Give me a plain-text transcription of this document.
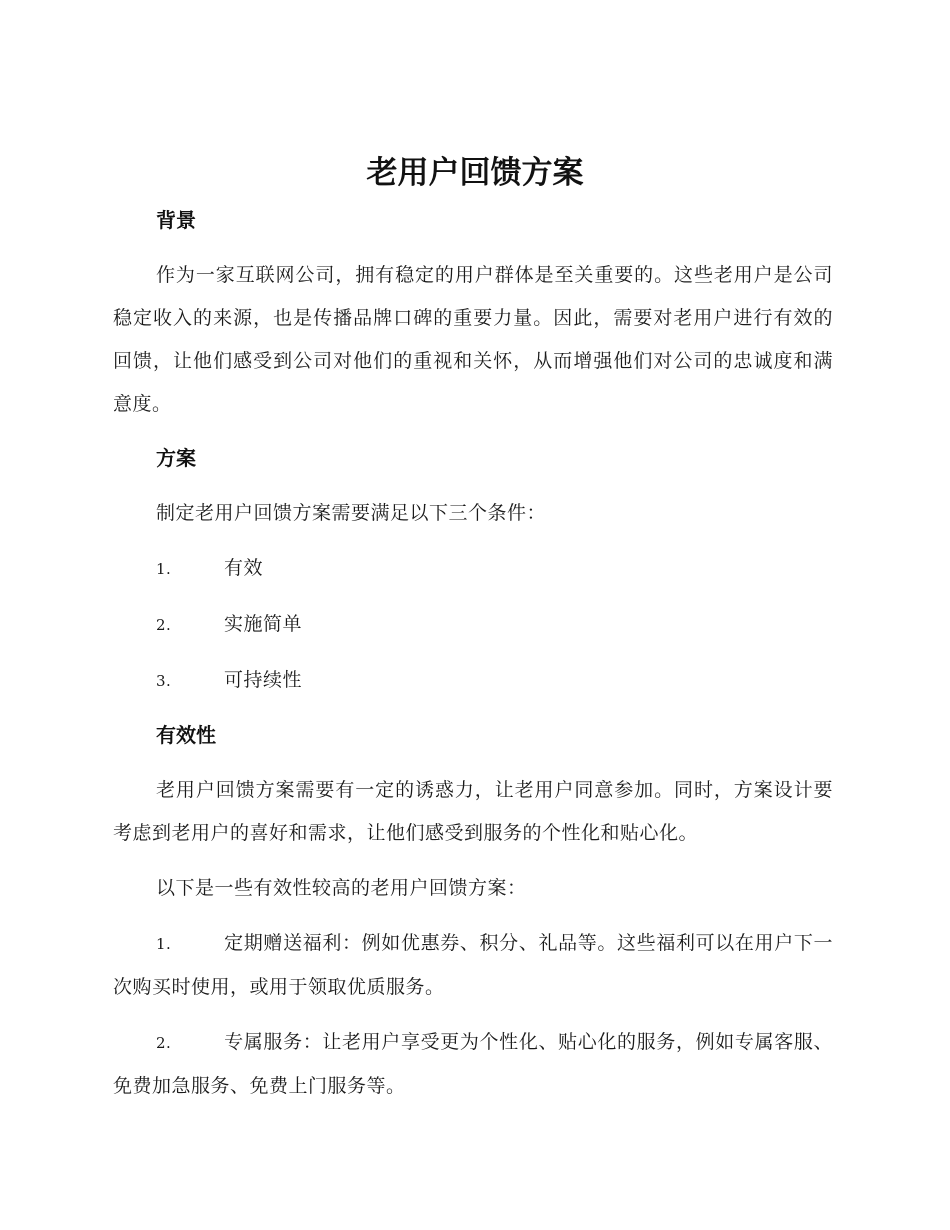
老用户回馈方案
背景

作为一家互联网公司，拥有稳定的用户群体是至关重要的。这些老用户是公司稳定收入的来源，也是传播品牌口碑的重要力量。因此，需要对老用户进行有效的回馈，让他们感受到公司对他们的重视和关怀，从而增强他们对公司的忠诚度和满意度。

方案

制定老用户回馈方案需要满足以下三个条件：

1.	有效
2.	实施简单
3.	可持续性
有效性

老用户回馈方案需要有一定的诱惑力，让老用户同意参加。同时，方案设计要考虑到老用户的喜好和需求，让他们感受到服务的个性化和贴心化。

以下是一些有效性较高的老用户回馈方案：

1.	定期赠送福利：例如优惠券、积分、礼品等。这些福利可以在用户下一次购买时使用，或用于领取优质服务。
2.	专属服务：让老用户享受更为个性化、贴心化的服务，例如专属客服、免费加急服务、免费上门服务等。
